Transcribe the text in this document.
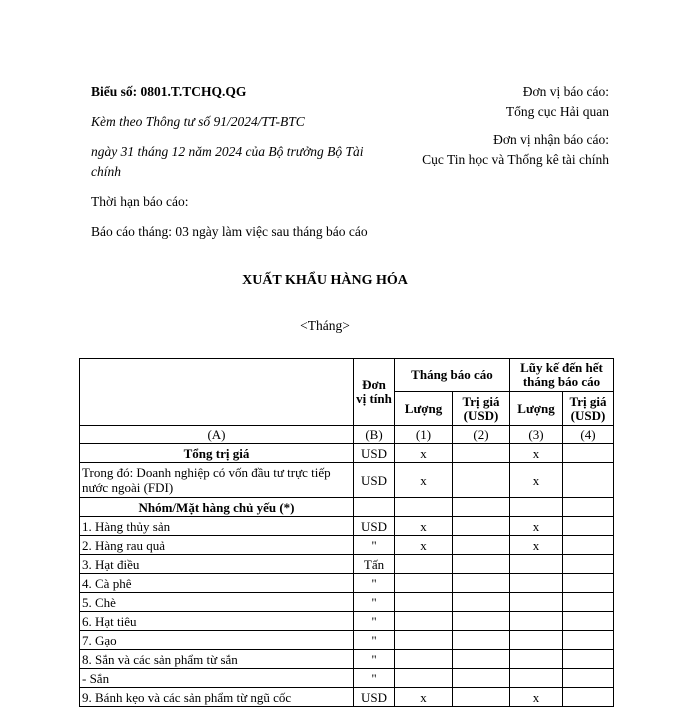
Biểu số: 0801.T.TCHQ.QG
Kèm theo Thông tư số 91/2024/TT-BTC
ngày 31 tháng 12 năm 2024 của Bộ trưởng Bộ Tài chính
Thời hạn báo cáo:
Báo cáo tháng: 03 ngày làm việc sau tháng báo cáo
Đơn vị báo cáo:
Tổng cục Hải quan
Đơn vị nhận báo cáo:
Cục Tin học và Thống kê tài chính
XUẤT KHẨU HÀNG HÓA
<Tháng>
	Đơn vị tính	Tháng báo cáo		Lũy kế đến hết tháng báo cáo	
		Lượng	Trị giá (USD)	Lượng	Trị giá (USD)
(A)	(B)	(1)	(2)	(3)	(4)
Tổng trị giá	USD	x		x	
Trong đó: Doanh nghiệp có vốn đầu tư trực tiếp nước ngoài (FDI)	USD	x		x	
Nhóm/Mặt hàng chủ yếu (*)					
1. Hàng thủy sản	USD	x		x	
2. Hàng rau quả	"	x		x	
3. Hạt điều	Tấn				
4. Cà phê	"				
5. Chè	"				
6. Hạt tiêu	"				
7. Gạo	"				
8. Sắn và các sản phẩm từ sắn	"				
- Sắn	"				
9. Bánh kẹo và các sản phẩm từ ngũ cốc	USD	x		x	
